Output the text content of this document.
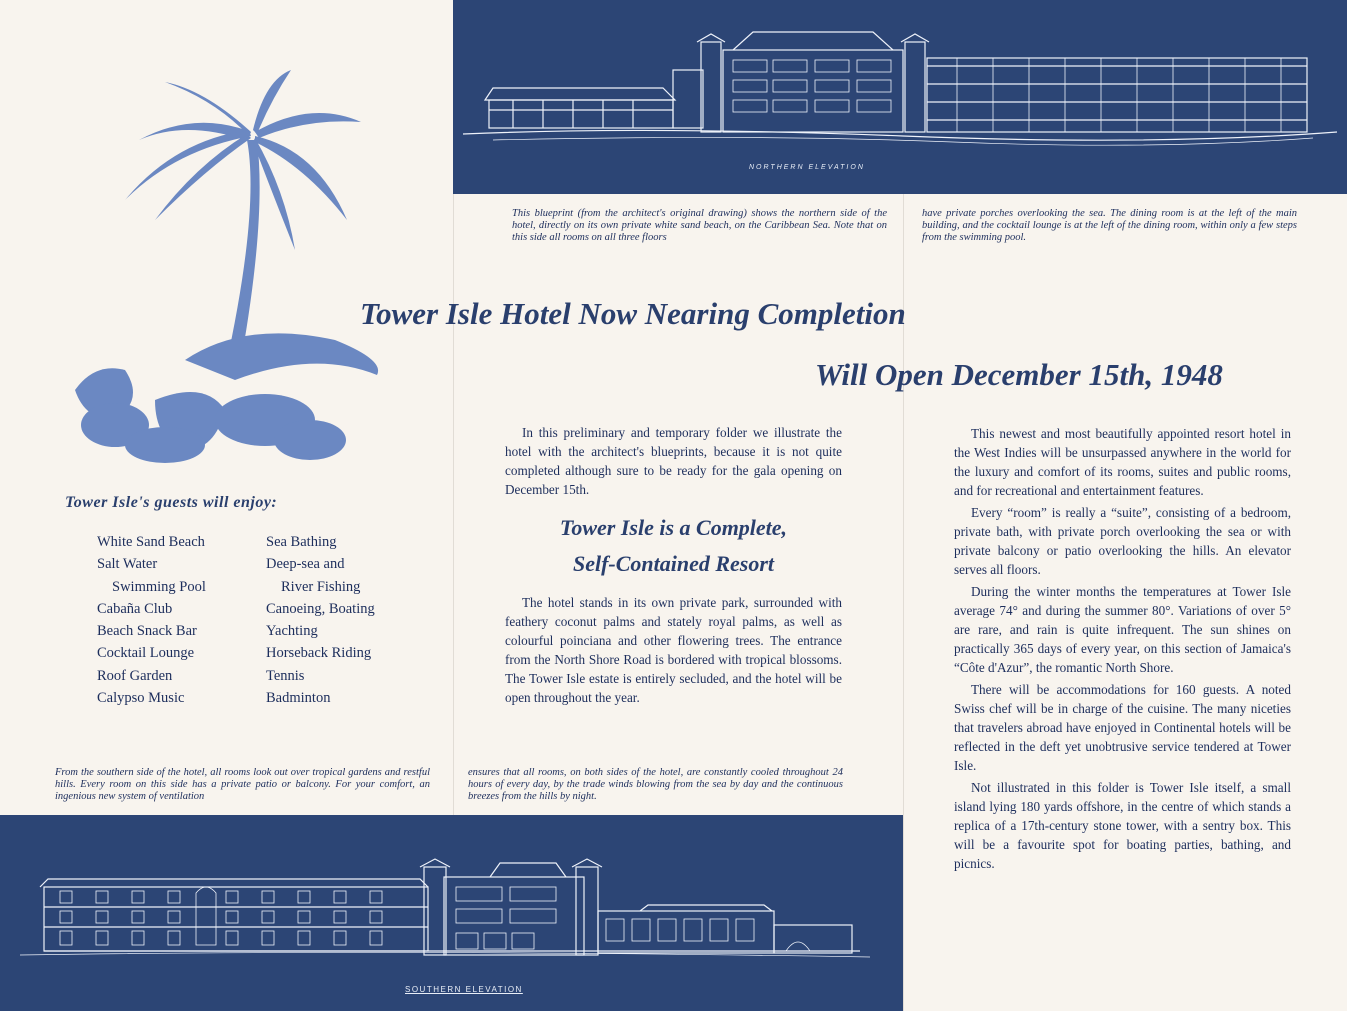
NORTHERN ELEVATION
This blueprint (from the architect's original drawing) shows the northern side of the hotel, directly on its own private white sand beach, on the Caribbean Sea. Note that on this side all rooms on all three floors
have private porches overlooking the sea. The dining room is at the left of the main building, and the cocktail lounge is at the left of the dining room, within only a few steps from the swimming pool.
Tower Isle Hotel Now Nearing Completion
Will Open December 15th, 1948
Tower Isle's guests will enjoy:
White Sand Beach
Salt Water
Swimming Pool
Cabaña Club
Beach Snack Bar
Cocktail Lounge
Roof Garden
Calypso Music
Sea Bathing
Deep-sea and
River Fishing
Canoeing, Boating
Yachting
Horseback Riding
Tennis
Badminton

In this preliminary and temporary folder we illustrate the hotel with the architect's blueprints, because it is not quite completed although sure to be ready for the gala opening on December 15th.

Tower Isle is a Complete,
Self-Contained Resort

The hotel stands in its own private park, surrounded with feathery coconut palms and stately royal palms, as well as colourful poinciana and other flowering trees. The entrance from the North Shore Road is bordered with tropical blossoms. The Tower Isle estate is entirely secluded, and the hotel will be open throughout the year.

This newest and most beautifully appointed resort hotel in the West Indies will be unsurpassed anywhere in the world for the luxury and comfort of its rooms, suites and public rooms, and for recreational and entertainment features.

Every “room” is really a “suite”, consisting of a bedroom, private bath, with private porch overlooking the sea or with private balcony or patio overlooking the hills. An elevator serves all floors.

During the winter months the temperatures at Tower Isle average 74° and during the summer 80°. Variations of over 5° are rare, and rain is quite infrequent. The sun shines on practically 365 days of every year, on this section of Jamaica's “Côte d'Azur”, the romantic North Shore.

There will be accommodations for 160 guests. A noted Swiss chef will be in charge of the cuisine. The many niceties that travelers abroad have enjoyed in Continental hotels will be reflected in the deft yet unobtrusive service tendered at Tower Isle.

Not illustrated in this folder is Tower Isle itself, a small island lying 180 yards offshore, in the centre of which stands a replica of a 17th-century stone tower, with a sentry box. This will be a favourite spot for boating parties, bathing, and picnics.

From the southern side of the hotel, all rooms look out over tropical gardens and restful hills. Every room on this side has a private patio or balcony. For your comfort, an ingenious new system of ventilation
ensures that all rooms, on both sides of the hotel, are constantly cooled throughout 24 hours of every day, by the trade winds blowing from the sea by day and the continuous breezes from the hills by night.
SOUTHERN ELEVATION
